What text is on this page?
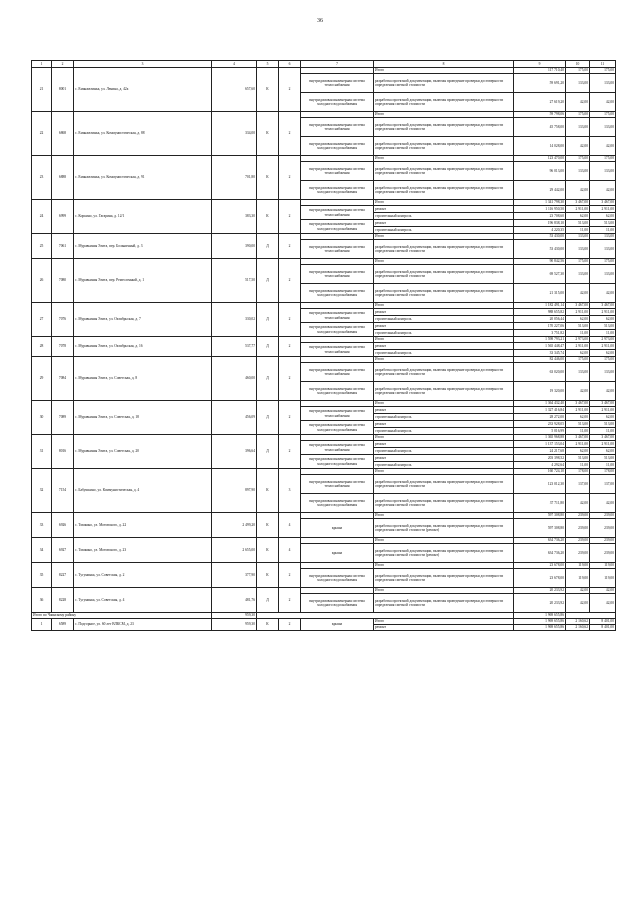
36
1	2	3	4	5	6	7	8	9	10	11
21	8001	с. Еманжелинка, ул. Ленина, д. 42а	657,60	К	2		Итого	117 710,40	175,00	175,00
						внутридомовая инженерная система теплоснабжения	разработка проектной документации, включая проведение проверки достоверности определения сметной стоимости	59 691,20	133,00	133,00
						внутридомовая инженерная система холодного водоснабжения	разработка проектной документации, включая проведение проверки достоверности определения сметной стоимости	27 619,20	42,00	42,00
22	6868	с. Еманжелинка, ул. Коммунистическая, д. 88	334,00	К	2		Итого	59 798,06	175,00	175,00
						внутридомовая инженерная система теплоснабжения	разработка проектной документации, включая проведение проверки достоверности определения сметной стоимости	45 758,00	133,00	133,00
						внутридомовая инженерная система холодного водоснабжения	разработка проектной документации, включая проведение проверки достоверности определения сметной стоимости	14 028,00	42,00	42,00
23	6888	с. Еманжелинка, ул. Коммунистическая, д. 91	701,80	К	2		Итого	123 470,00	175,00	175,00
						внутридомовая инженерная система теплоснабжения	разработка проектной документации, включая проведение проверки достоверности определения сметной стоимости	96 013,00	133,00	133,00
						внутридомовая инженерная система холодного водоснабжения	разработка проектной документации, включая проведение проверки достоверности определения сметной стоимости	29 442,00	42,00	42,00
24	6999	с. Коркино, ул. Гагарина, д. 12/1	383,30	К	2		Итого	1 341 798,30	3 467,00	3 467,00
						внутридомовая инженерная система теплоснабжения	ремонт	1 116 950,50	2 911,00	2 911,00
							строительный контроль	23 708,60	62,00	62,00
						внутридомовая инженерная система холодного водоснабжения	ремонт	196 838,10	513,00	513,00
							строительный контроль	4 220,35	11,00	11,00
25	7061	с. Муравьиная Элита, пер. Больничный, д. 3	390,00	Д	2		Итого	53 430,00	133,00	133,00
						внутридомовая инженерная система теплоснабжения	разработка проектной документации, включая проведение проверки достоверности определения сметной стоимости	53 430,00	133,00	133,00
26	7080	с. Муравьиная Элита, пер. Ремесленный, д. 1	517,50	Д	2		Итого	90 842,56	175,00	175,00
						внутридомовая инженерная система теплоснабжения	разработка проектной документации, включая проведение проверки достоверности определения сметной стоимости	69 527,30	133,00	133,00
						внутридомовая инженерная система холодного водоснабжения	разработка проектной документации, включая проведение проверки достоверности определения сметной стоимости	21 315,00	42,00	42,00
27	7076	с. Муравьиная Элита, ул. Октябрьская, д. 7	330,02	Д	2		Итого	1 182 491,14	3 467,00	3 467,00
						внутридомовая инженерная система теплоснабжения	ремонт	988 655,82	2 911,00	2 911,00
							строительный контроль	20 056,44	62,00	62,00
						внутридомовая инженерная система холодного водоснабжения	ремонт	170 227,06	513,00	513,00
							строительный контроль	3 751,82	11,00	11,00
28	7078	с. Муравьиная Элита, ул. Октябрьская, д. 16	537,77	Д	2		Итого	1 598 793,21	2 973,00	2 973,00
						внутридомовая инженерная система теплоснабжения	ремонт	1 565 448,47	2 911,00	2 911,00
							строительный контроль	33 345,74	62,00	62,00
29	7084	с. Муравьиная Элита, ул. Советская, д. 8	460,00	Д	2		Итого	82 446,00	175,00	175,00
						внутридомовая инженерная система теплоснабжения	разработка проектной документации, включая проведение проверки достоверности определения сметной стоимости	63 020,00	133,00	133,00
						внутридомовая инженерная система холодного водоснабжения	разработка проектной документации, включая проведение проверки достоверности определения сметной стоимости	19 320,00	42,00	42,00
30	7089	с. Муравьиная Элита, ул. Советская, д. 18	456,09	Д	2		Итого	1 364 432,40	3 467,00	3 467,00
						внутридомовая инженерная система теплоснабжения	ремонт	1 327 416,84	2 911,00	2 911,00
							строительный контроль	28 272,00	62,00	62,00
						внутридомовая инженерная система холодного водоснабжения	ремонт	233 928,05	513,00	513,00
							строительный контроль	5 016,99	11,00	11,00
31	8016	с. Муравьиная Элита, ул. Советская, д. 20	396,64	Д	2		Итого	1 365 968,88	3 467,00	3 467,00
						внутридомовая инженерная система теплоснабжения	ремонт	1 137 153,04	2 911,00	2 911,00
							строительный контроль	24 217,68	62,00	62,00
						внутридомовая инженерная система холодного водоснабжения	ремонт	203 398,52	513,00	513,00
							строительный контроль	4 292,64	11,00	11,00
32	7154	с. Бабушкино, ул. Коммунистическая, д. 4	897,90	К	3		Итого	160 724,10	178,00	178,00
						внутридомовая инженерная система теплоснабжения	разработка проектной документации, включая проведение проверки достоверности определения сметной стоимости	123 012,30	137,00	137,00
						внутридомовая инженерная система холодного водоснабжения	разработка проектной документации, включая проведение проверки достоверности определения сметной стоимости	37 711,80	42,00	42,00
33	6926	с. Тимкино, ул. Мотовского, д. 22	2 499,20	К	4		Итого	597 308,80	239,00	239,00
						крыша	разработка проектной документации, включая проведение проверки достоверности определения сметной стоимости (ремонт)	597 308,80	239,00	239,00
34	6927	с. Тимкино, ул. Мотовского, д. 23	2 655,00	К	4		Итого	634 736,20	239,00	239,00
						крыша	разработка проектной документации, включая проведение проверки достоверности определения сметной стоимости (ремонт)	634 736,20	239,00	239,00
35	8227	с. Тугунинка, ул. Советская, д. 2	377,90	К	2		Итого	23 678,00	119,00	119,00
						внутридомовая инженерная система холодного водоснабжения	разработка проектной документации, включая проведение проверки достоверности определения сметной стоимости	23 678,00	119,00	119,00
36	8228	с. Тугунинка, ул. Советская, д. 4	481,76	Д	2		Итого	20 233,92	42,00	42,00
						внутридомовая инженерная система холодного водоснабжения	разработка проектной документации, включая проведение проверки достоверности определения сметной стоимости	20 233,92	42,00	42,00
Итого по Чаинскому району			959,30					1 969 655,86		
1	6589	с. Подгорное, ул. 60 лет ВЛКСМ, д. 23	959,30	К	2	крыша	Итого	1 969 655,86	2 160,62	8 401,00
							ремонт	1 969 655,86	2 160,62	8 401,00
